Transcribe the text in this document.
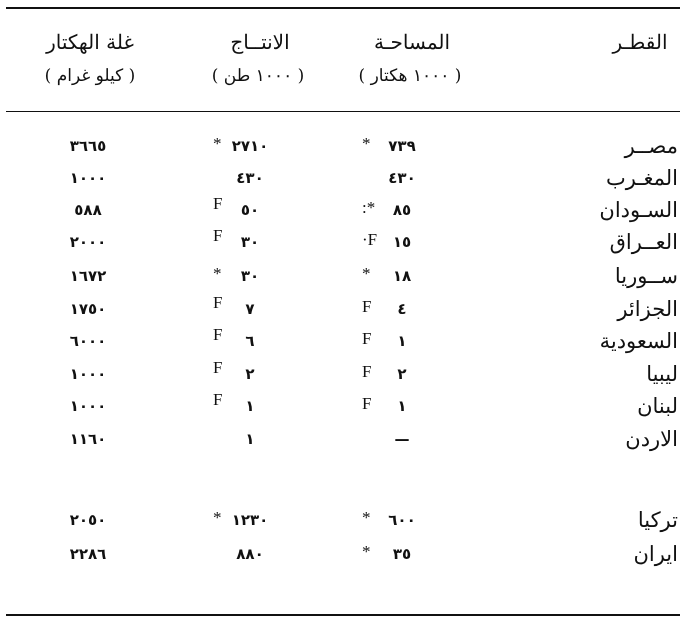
القطـر
المساحـة
( ١٠٠٠ هكتار )
الانتــاج
( ١٠٠٠ طن )
غلة الهكتار
( كيلو غرام )
مصــر
٧٣٩
*
٢٧١٠
*
٣٦٦٥
المغـرب
٤٣٠
٤٣٠
١٠٠٠
السـودان
٨٥
:*
٥٠
F
٥٨٨
العــراق
١٥
·F
٣٠
F
٢٠٠٠
ســوريا
١٨
*
٣٠
*
١٦٧٢
الجزائر
٤
F
٧
F
١٧٥٠
السعودية
١
F
٦
F
٦٠٠٠
ليبيا
٢
F
٢
F
١٠٠٠
لبنان
١
F
١
F
١٠٠٠
الاردن
—
١
١١٦٠
تركيا
٦٠٠
*
١٢٣٠
*
٢٠٥٠
ايران
٣٥
*
٨٨٠
٢٢٨٦
